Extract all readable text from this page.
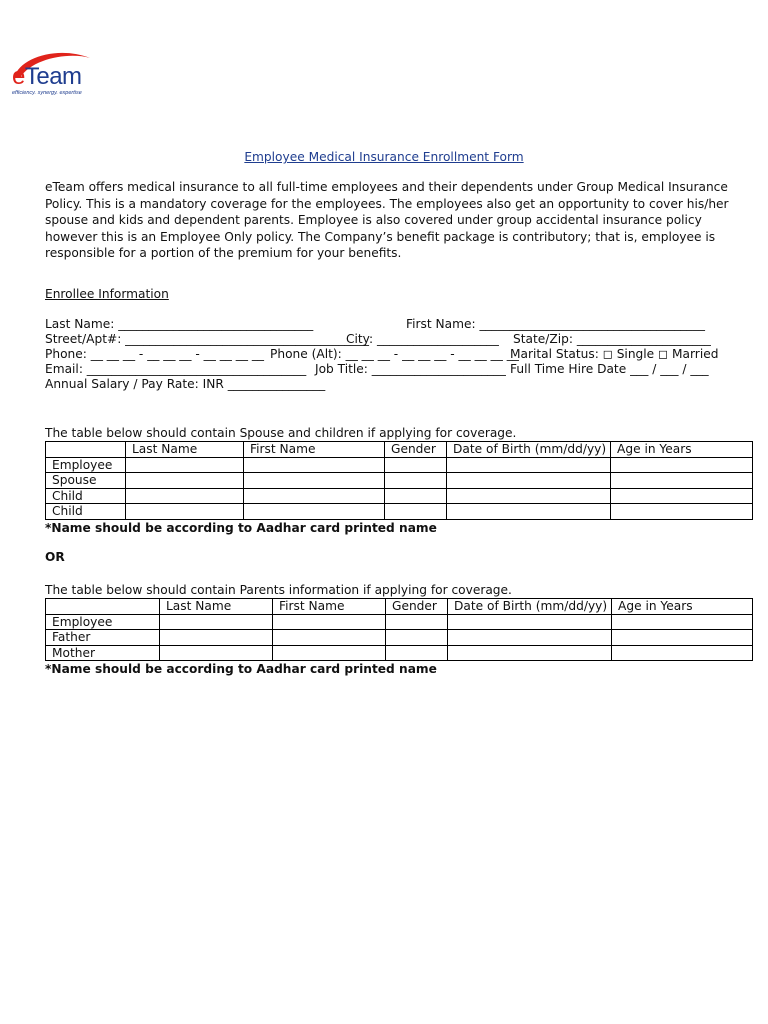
eTeam
efficiency. synergy. expertise
Employee Medical Insurance Enrollment Form
eTeam offers medical insurance to all full-time employees and their dependents under Group Medical Insurance Policy. This is a mandatory coverage for the employees. The employees also get an opportunity to cover his/her spouse and kids and dependent parents. Employee is also covered under group accidental insurance policy however this is an Employee Only policy. The Company’s benefit package is contributory; that is, employee is responsible for a portion of the premium for your benefits.
Enrollee Information
Last Name: ________________________________	First Name: _____________________________________
Street/Apt#: ________________________________________
City: ____________________ State/Zip: ______________________
Phone: __ __ __ - __ __ __ - __ __ __ __ Phone (Alt): __ __ __ - __ __ __ - __ __ __ __
Marital Status: ◻ Single ◻ Married
Email: ____________________________________ Job Title: ______________________ Full Time Hire Date ___ / ___ / ___
Annual Salary / Pay Rate: INR ________________
The table below should contain Spouse and children if applying for coverage.
	Last Name	First Name	Gender	Date of Birth (mm/dd/yy)	Age in Years
Employee					
Spouse					
Child					
Child					
*Name should be according to Aadhar card printed name
OR
The table below should contain Parents information if applying for coverage.
	Last Name	First Name	Gender	Date of Birth (mm/dd/yy)	Age in Years
Employee					
Father					
Mother					
*Name should be according to Aadhar card printed name
